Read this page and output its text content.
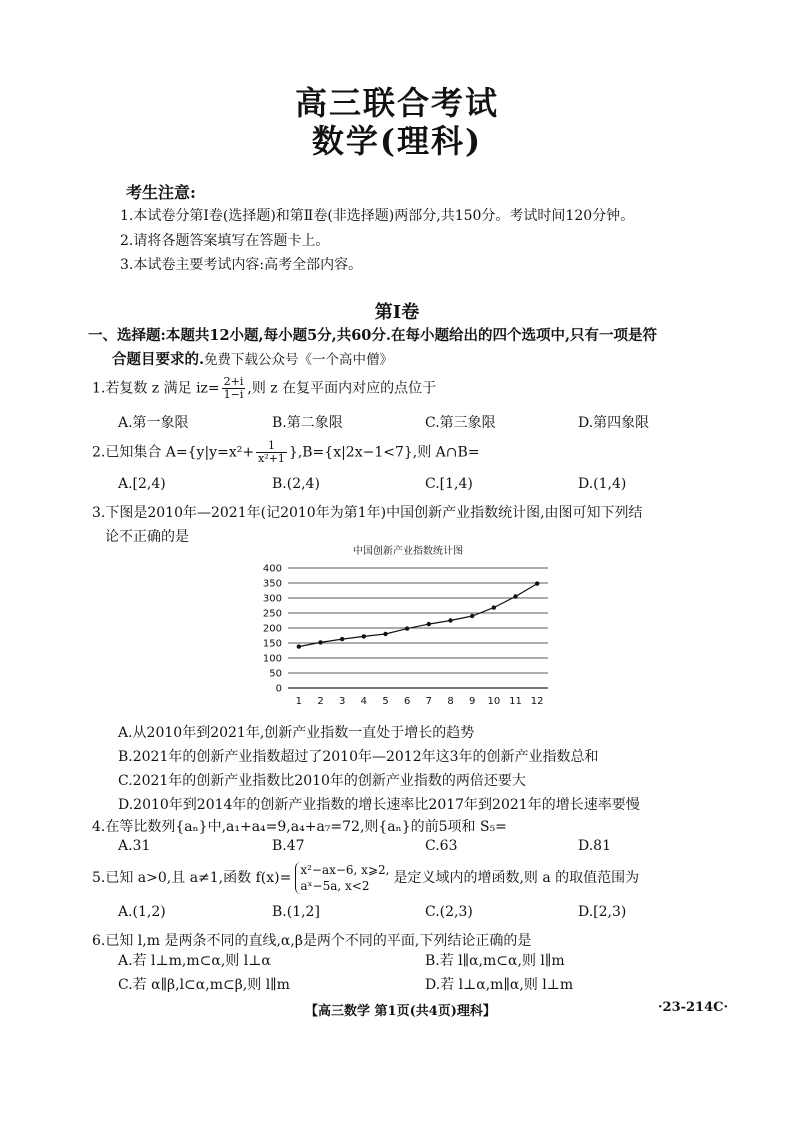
高三联合考试
数学(理科)
考生注意:
1.本试卷分第Ⅰ卷(选择题)和第Ⅱ卷(非选择题)两部分,共150分。考试时间120分钟。
2.请将各题答案填写在答题卡上。
3.本试卷主要考试内容:高考全部内容。
第Ⅰ卷
一、选择题:本题共12小题,每小题5分,共60分.在每小题给出的四个选项中,只有一项是符
合题目要求的.免费下载公众号《一个高中僧》
1.若复数 z 满足 $iz= \frac{2+i}{1-i}$ ,则 z 在复平面内对应的点位于
A.第一象限	B.第二象限	C.第三象限	D.第四象限
2.已知集合 $A=\{y|y=x^2+ \frac{1}{\text{x²+1}} \},B=\{x|2x-1<7\}$,则 A∩B=
A.[2,4)	B.(2,4)	C.[1,4)	D.(1,4)
3.下图是2010年—2021年(记2010年为第1年)中国创新产业指数统计图,由图可知下列结
论不正确的是
中国创新产业指数统计图
0
50
100
150
200
250
300
350
400
1 2 3 4 5 6 7 8 9 10 11 12
A.从2010年到2021年,创新产业指数一直处于增长的趋势
B.2021年的创新产业指数超过了2010年—2012年这3年的创新产业指数总和
C.2021年的创新产业指数比2010年的创新产业指数的两倍还要大
D.2010年到2014年的创新产业指数的增长速率比2017年到2021年的增长速率要慢
4.在等比数列{aₙ}中,a₁+a₄=9,a₄+a₇=72,则{aₙ}的前5项和 S₅=
A.31	B.47	C.63	D.81
5.已知 a>0,且 a≠1,函数 f(x)= x²−ax−6, x⩾2,
aˣ−5a, x<2	是定义域内的增函数,则 a 的取值范围为
A.(1,2)	B.(1,2]	C.(2,3)	D.[2,3)
6.已知 l,m 是两条不同的直线,α,β是两个不同的平面,下列结论正确的是
A.若 l⊥m,m⊂α,则 l⊥α	B.若 l∥α,m⊂α,则 l∥m
C.若 α∥β,l⊂α,m⊂β,则 l∥m	D.若 l⊥α,m∥α,则 l⊥m
【高三数学 第1页(共4页)理科】	·23-214C·
